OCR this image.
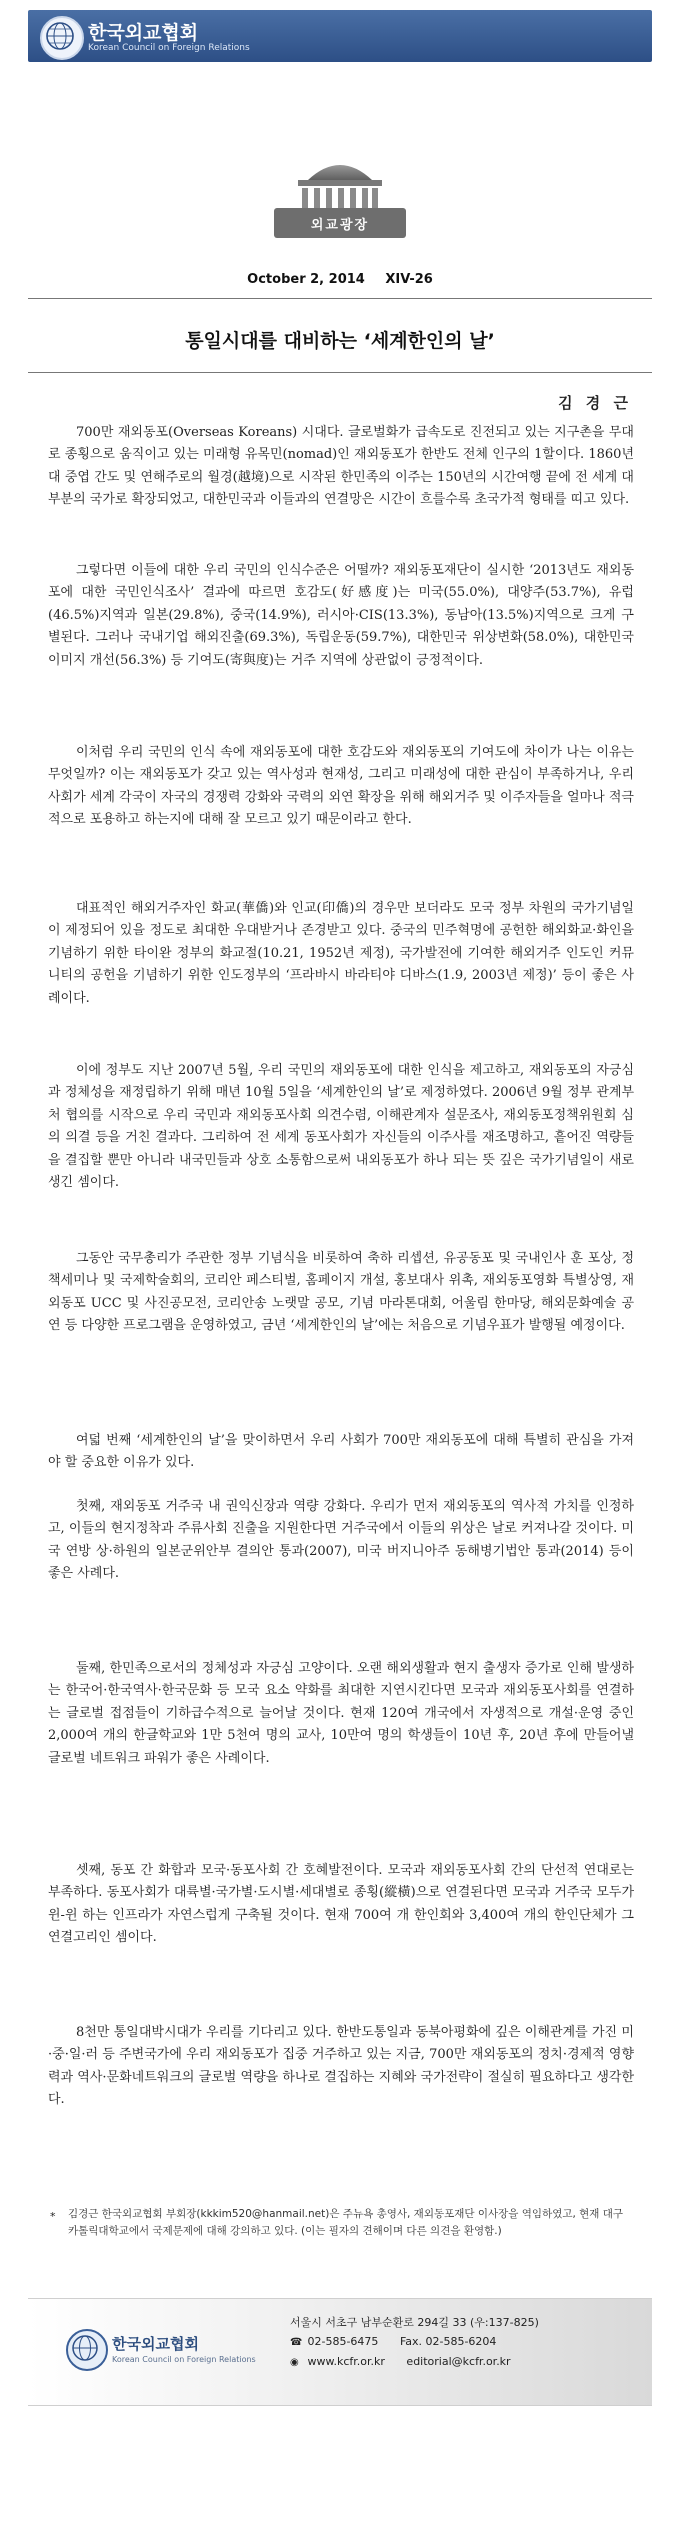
한국외교협회
Korean Council on Foreign Relations
외교광장
October 2, 2014 XIV-26
통일시대를 대비하는 ‘세계한인의 날’
김 경 근

700만 재외동포(Overseas Koreans) 시대다. 글로벌화가 급속도로 진전되고 있는 지구촌을 무대로 종횡으로 움직이고 있는 미래형 유목민(nomad)인 재외동포가 한반도 전체 인구의 1할이다. 1860년대 중엽 간도 및 연해주로의 월경(越境)으로 시작된 한민족의 이주는 150년의 시간여행 끝에 전 세계 대부분의 국가로 확장되었고, 대한민국과 이들과의 연결망은 시간이 흐를수록 초국가적 형태를 띠고 있다.

그렇다면 이들에 대한 우리 국민의 인식수준은 어떨까? 재외동포재단이 실시한 ‘2013년도 재외동포에 대한 국민인식조사’ 결과에 따르면 호감도(好感度)는 미국(55.0%), 대양주(53.7%), 유럽(46.5%)지역과 일본(29.8%), 중국(14.9%), 러시아·CIS(13.3%), 동남아(13.5%)지역으로 크게 구별된다. 그러나 국내기업 해외진출(69.3%), 독립운동(59.7%), 대한민국 위상변화(58.0%), 대한민국 이미지 개선(56.3%) 등 기여도(寄與度)는 거주 지역에 상관없이 긍정적이다.

이처럼 우리 국민의 인식 속에 재외동포에 대한 호감도와 재외동포의 기여도에 차이가 나는 이유는 무엇일까? 이는 재외동포가 갖고 있는 역사성과 현재성, 그리고 미래성에 대한 관심이 부족하거나, 우리 사회가 세계 각국이 자국의 경쟁력 강화와 국력의 외연 확장을 위해 해외거주 및 이주자들을 얼마나 적극적으로 포용하고 하는지에 대해 잘 모르고 있기 때문이라고 한다.

대표적인 해외거주자인 화교(華僑)와 인교(印僑)의 경우만 보더라도 모국 정부 차원의 국가기념일이 제정되어 있을 정도로 최대한 우대받거나 존경받고 있다. 중국의 민주혁명에 공헌한 해외화교·화인을 기념하기 위한 타이완 정부의 화교절(10.21, 1952년 제정), 국가발전에 기여한 해외거주 인도인 커뮤니티의 공헌을 기념하기 위한 인도정부의 ‘프라바시 바라티야 디바스(1.9, 2003년 제정)’ 등이 좋은 사례이다.

이에 정부도 지난 2007년 5월, 우리 국민의 재외동포에 대한 인식을 제고하고, 재외동포의 자긍심과 정체성을 재정립하기 위해 매년 10월 5일을 ‘세계한인의 날’로 제정하였다. 2006년 9월 정부 관계부처 협의를 시작으로 우리 국민과 재외동포사회 의견수렴, 이해관계자 설문조사, 재외동포정책위원회 심의 의결 등을 거친 결과다. 그리하여 전 세계 동포사회가 자신들의 이주사를 재조명하고, 흩어진 역량들을 결집할 뿐만 아니라 내국민들과 상호 소통함으로써 내외동포가 하나 되는 뜻 깊은 국가기념일이 새로 생긴 셈이다.

그동안 국무총리가 주관한 정부 기념식을 비롯하여 축하 리셉션, 유공동포 및 국내인사 훈 포상, 정책세미나 및 국제학술회의, 코리안 페스티벌, 홈페이지 개설, 홍보대사 위촉, 재외동포영화 특별상영, 재외동포 UCC 및 사진공모전, 코리안송 노랫말 공모, 기념 마라톤대회, 어울림 한마당, 해외문화예술 공연 등 다양한 프로그램을 운영하였고, 금년 ‘세계한인의 날’에는 처음으로 기념우표가 발행될 예정이다.

여덟 번째 ‘세계한인의 날’을 맞이하면서 우리 사회가 700만 재외동포에 대해 특별히 관심을 가져야 할 중요한 이유가 있다.

첫째, 재외동포 거주국 내 권익신장과 역량 강화다. 우리가 먼저 재외동포의 역사적 가치를 인정하고, 이들의 현지정착과 주류사회 진출을 지원한다면 거주국에서 이들의 위상은 날로 커져나갈 것이다. 미국 연방 상·하원의 일본군위안부 결의안 통과(2007), 미국 버지니아주 동해병기법안 통과(2014) 등이 좋은 사례다.

둘째, 한민족으로서의 정체성과 자긍심 고양이다. 오랜 해외생활과 현지 출생자 증가로 인해 발생하는 한국어·한국역사·한국문화 등 모국 요소 약화를 최대한 지연시킨다면 모국과 재외동포사회를 연결하는 글로벌 접점들이 기하급수적으로 늘어날 것이다. 현재 120여 개국에서 자생적으로 개설·운영 중인 2,000여 개의 한글학교와 1만 5천여 명의 교사, 10만여 명의 학생들이 10년 후, 20년 후에 만들어낼 글로벌 네트워크 파워가 좋은 사례이다.

셋째, 동포 간 화합과 모국·동포사회 간 호혜발전이다. 모국과 재외동포사회 간의 단선적 연대로는 부족하다. 동포사회가 대륙별·국가별·도시별·세대별로 종횡(縱橫)으로 연결된다면 모국과 거주국 모두가 윈-윈 하는 인프라가 자연스럽게 구축될 것이다. 현재 700여 개 한인회와 3,400여 개의 한인단체가 그 연결고리인 셈이다.

8천만 통일대박시대가 우리를 기다리고 있다. 한반도통일과 동북아평화에 깊은 이해관계를 가진 미·중·일·러 등 주변국가에 우리 재외동포가 집중 거주하고 있는 지금, 700만 재외동포의 정치·경제적 영향력과 역사·문화네트워크의 글로벌 역량을 하나로 결집하는 지혜와 국가전략이 절실히 필요하다고 생각한다.

* 김경근 한국외교협회 부회장(kkkim520@hanmail.net)은 주뉴욕 총영사, 재외동포재단 이사장을 역임하였고, 현재 대구카톨릭대학교에서 국제문제에 대해 강의하고 있다. (이는 필자의 견해이며 다른 의견을 환영함.)
한국외교협회
Korean Council on Foreign Relations
서울시 서초구 남부순환로 294길 33 (우:137-825)
☎ 02-585-6475 Fax. 02-585-6204
◉ www.kcfr.or.kr editorial@kcfr.or.kr
